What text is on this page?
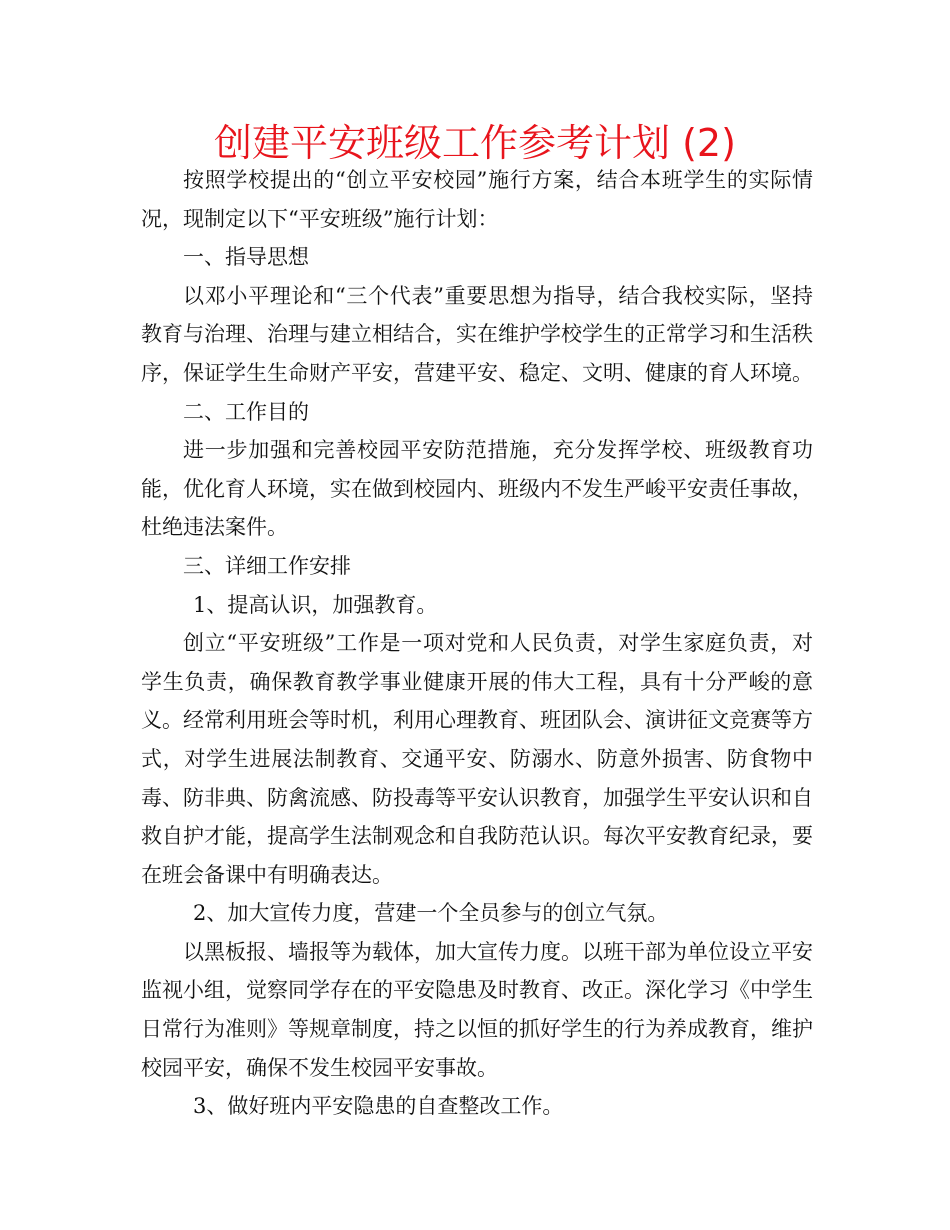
创建平安班级工作参考计划 (2)

按照学校提出的“创立平安校园”施行方案，结合本班学生的实际情况，现制定以下“平安班级”施行计划：

一、指导思想

以邓小平理论和“三个代表”重要思想为指导，结合我校实际，坚持教育与治理、治理与建立相结合，实在维护学校学生的正常学习和生活秩序，保证学生生命财产平安，营建平安、稳定、文明、健康的育人环境。

二、工作目的

进一步加强和完善校园平安防范措施，充分发挥学校、班级教育功能，优化育人环境，实在做到校园内、班级内不发生严峻平安责任事故，杜绝违法案件。

三、详细工作安排

1、提高认识，加强教育。

创立“平安班级”工作是一项对党和人民负责，对学生家庭负责，对学生负责，确保教育教学事业健康开展的伟大工程，具有十分严峻的意义。经常利用班会等时机，利用心理教育、班团队会、演讲征文竞赛等方式，对学生进展法制教育、交通平安、防溺水、防意外损害、防食物中毒、防非典、防禽流感、防投毒等平安认识教育，加强学生平安认识和自救自护才能，提高学生法制观念和自我防范认识。每次平安教育纪录，要在班会备课中有明确表达。

2、加大宣传力度，营建一个全员参与的创立气氛。

以黑板报、墙报等为载体，加大宣传力度。以班干部为单位设立平安监视小组，觉察同学存在的平安隐患及时教育、改正。深化学习《中学生日常行为准则》等规章制度，持之以恒的抓好学生的行为养成教育，维护校园平安，确保不发生校园平安事故。

3、做好班内平安隐患的自查整改工作。
